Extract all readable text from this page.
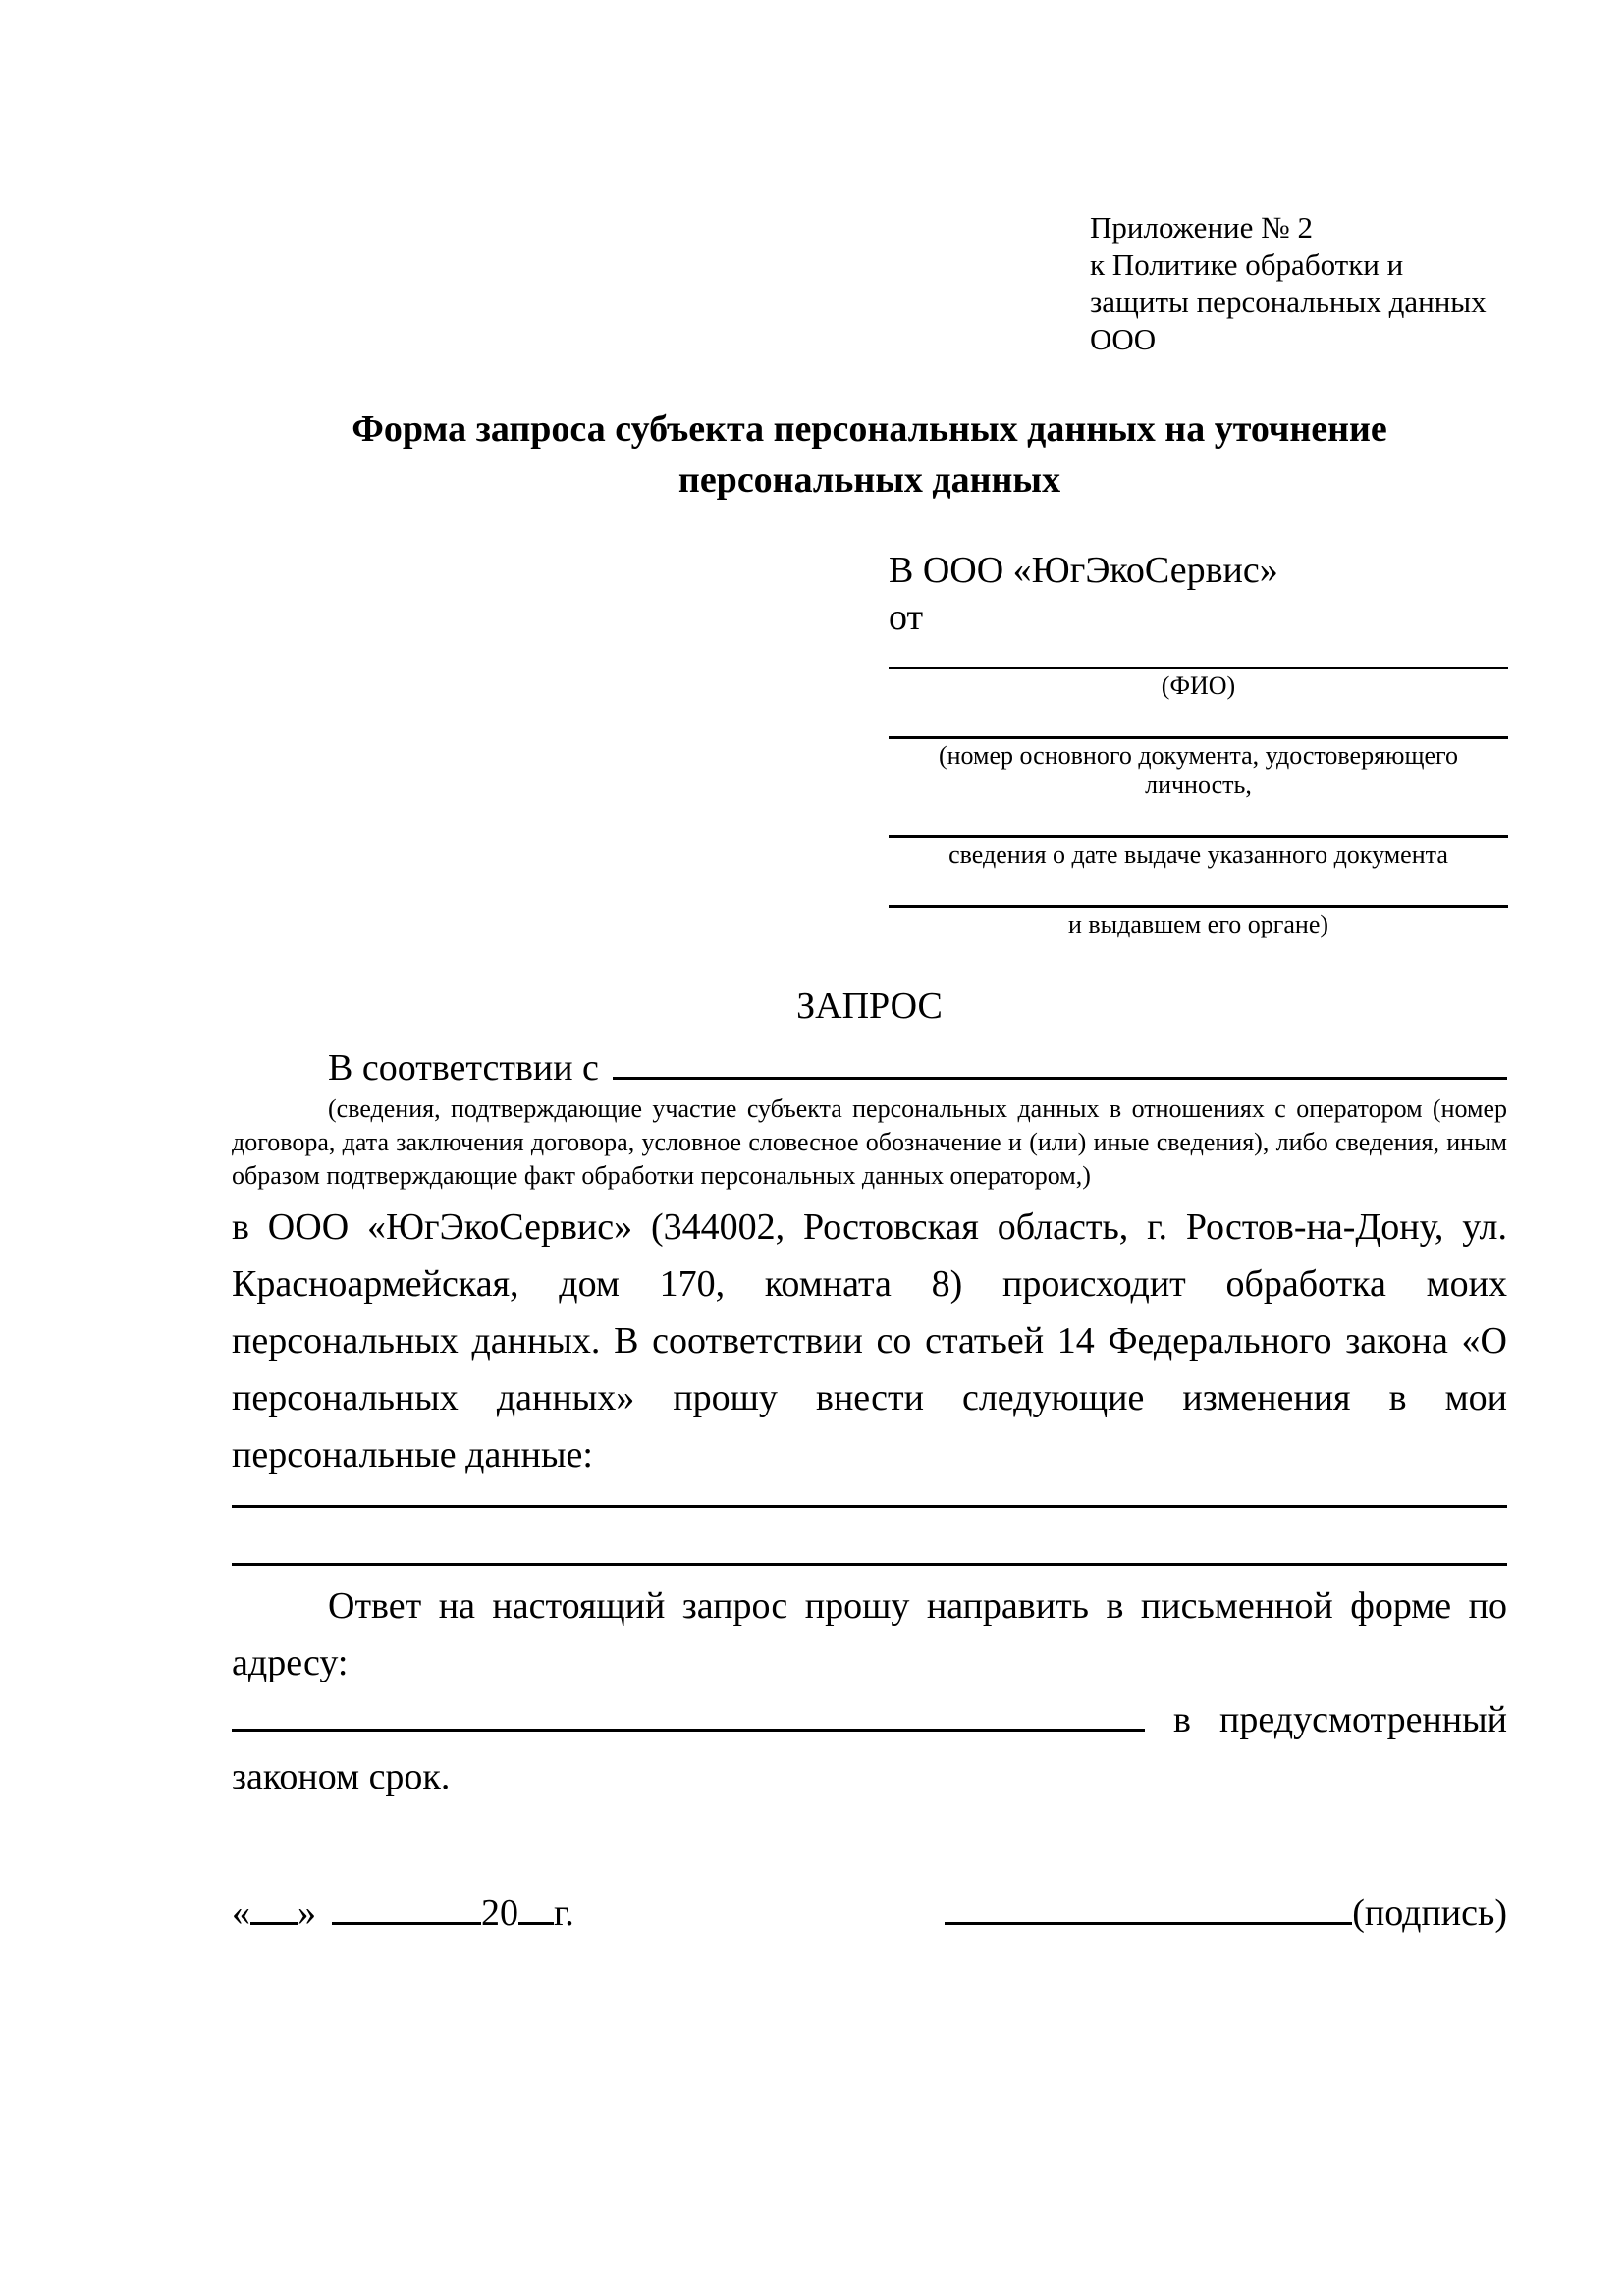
Приложение № 2
к Политике обработки и
защиты персональных данных
ООО
Форма запроса субъекта персональных данных на уточнение персональных данных
В ООО «ЮгЭкоСервис»
от
(ФИО)
(номер основного документа, удостоверяющего личность,
сведения о дате выдаче указанного документа
и выдавшем его органе)
ЗАПРОС
В соответствии с
(сведения, подтверждающие участие субъекта персональных данных в отношениях с оператором (номер договора, дата заключения договора, условное словесное обозначение и (или) иные сведения), либо сведения, иным образом подтверждающие факт обработки персональных данных оператором,)
в ООО «ЮгЭкоСервис» (344002, Ростовская область, г. Ростов-на-Дону, ул. Красноармейская, дом 170, комната 8) происходит обработка моих персональных данных. В соответствии со статьей 14 Федерального закона «О персональных данных» прошу внести следующие изменения в мои персональные данные:
Ответ на настоящий запрос прошу направить в письменной форме по адресу:
в предусмотренный
законом срок.
« »	20 г.	(подпись)
